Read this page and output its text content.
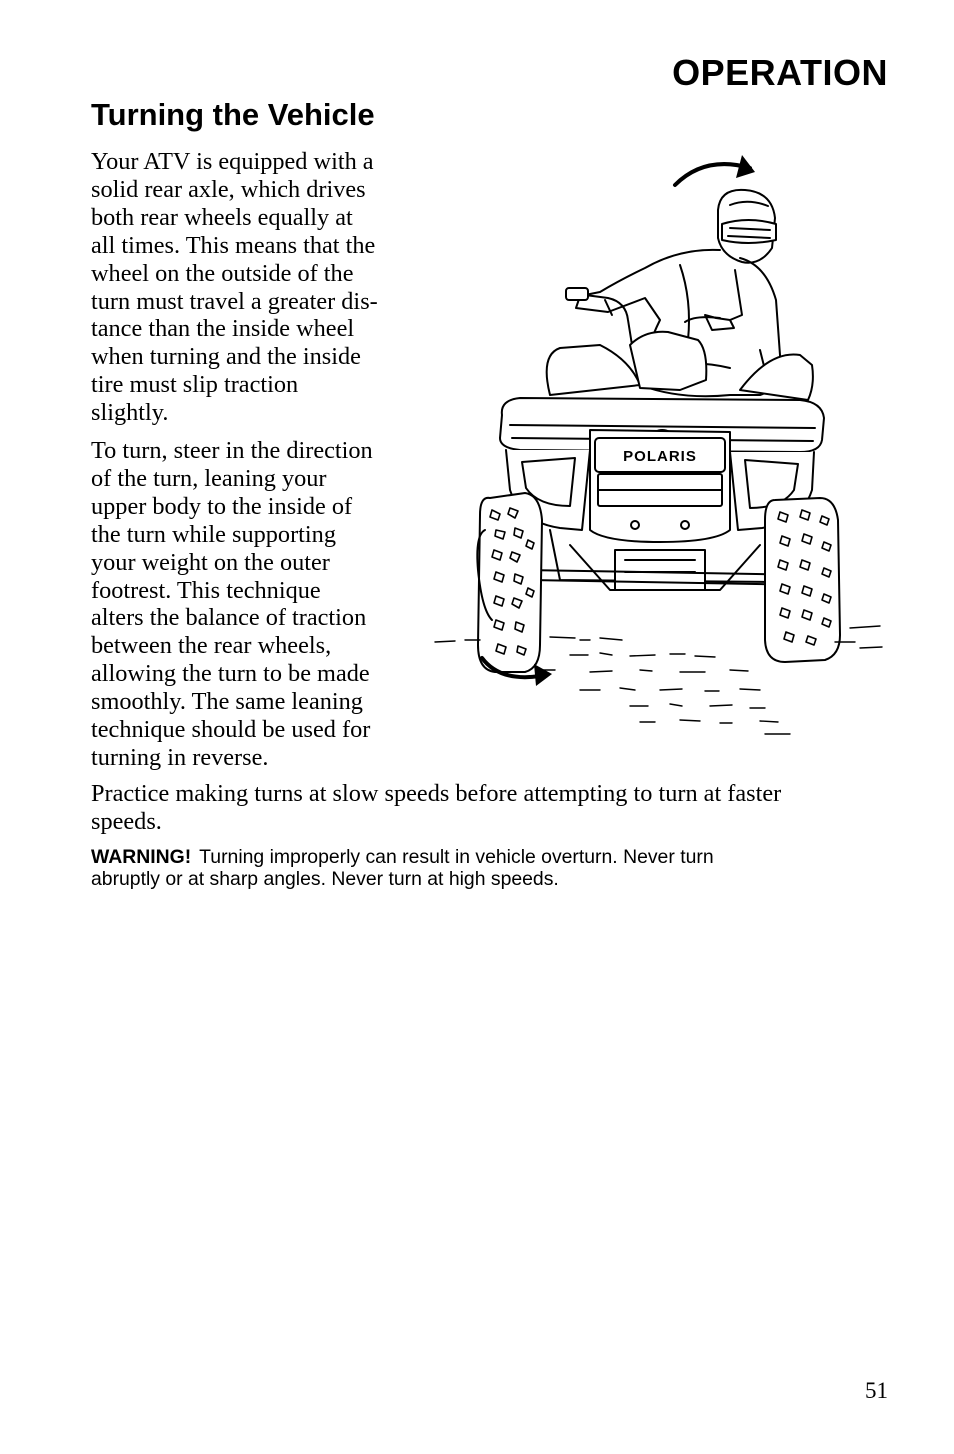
OPERATION
Turning the Vehicle

Your ATV is equipped with a
solid rear axle, which drives
both rear wheels equally at
all times. This means that the
wheel on the outside of the
turn must travel a greater dis-
tance than the inside wheel
when turning and the inside
tire must slip traction
slightly.

To turn, steer in the direction
of the turn, leaning your
upper body to the inside of
the turn while supporting
your weight on the outer
footrest. This technique
alters the balance of traction
between the rear wheels,
allowing the turn to be made
smoothly. The same leaning
technique should be used for
turning in reverse.

Practice making turns at slow speeds before attempting to turn at faster
speeds.

WARNING! Turning improperly can result in vehicle overturn. Never turn
abruptly or at sharp angles. Never turn at high speeds.
POLARIS

51
